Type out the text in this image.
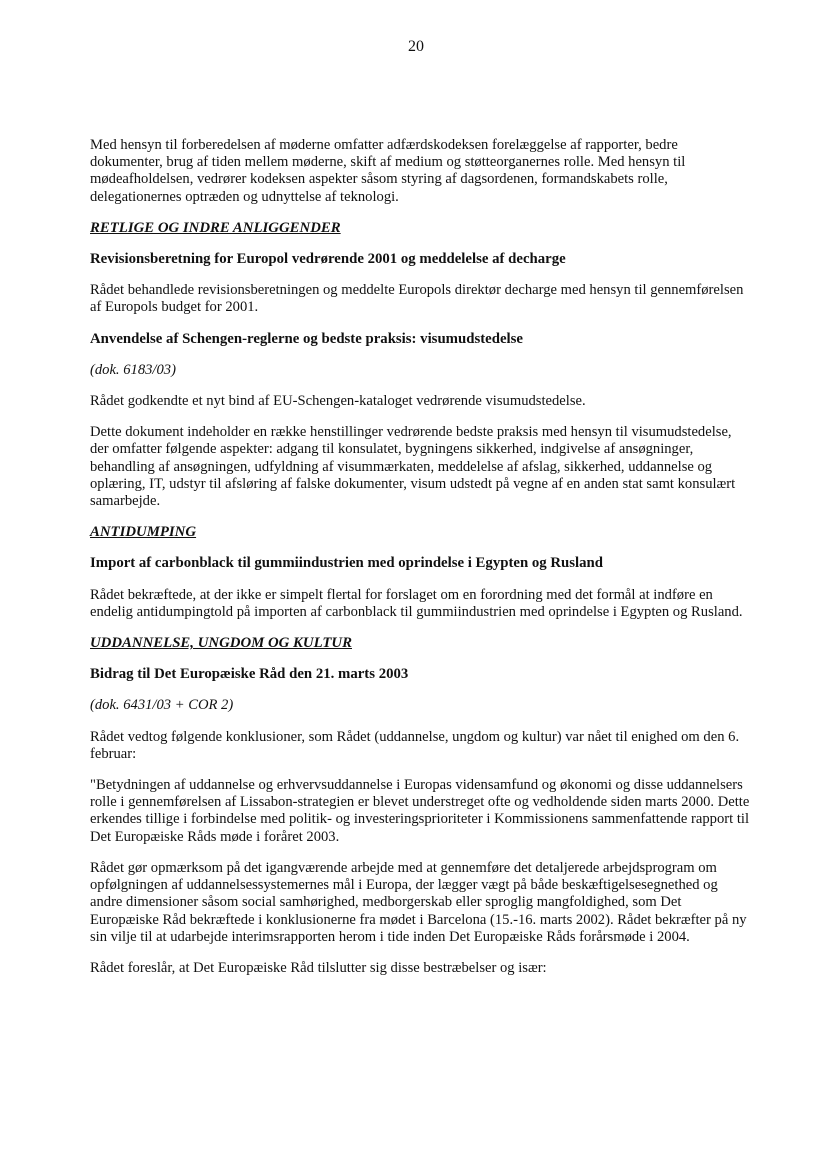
20

Med hensyn til forberedelsen af møderne omfatter adfærdskodeksen forelæggelse af rapporter, bedre dokumenter, brug af tiden mellem møderne, skift af medium og støtteorganernes rolle. Med hensyn til mødeafholdelsen, vedrører kodeksen aspekter såsom styring af dagsordenen, formandskabets rolle, delegationernes optræden og udnyttelse af teknologi.

RETLIGE OG INDRE ANLIGGENDER

Revisionsberetning for Europol vedrørende 2001 og meddelelse af decharge

Rådet behandlede revisionsberetningen og meddelte Europols direktør decharge med hensyn til gennemførelsen af Europols budget for 2001.

Anvendelse af Schengen-reglerne og bedste praksis: visumudstedelse

(dok. 6183/03)

Rådet godkendte et nyt bind af EU-Schengen-kataloget vedrørende visumudstedelse.

Dette dokument indeholder en række henstillinger vedrørende bedste praksis med hensyn til visumudstedelse, der omfatter følgende aspekter: adgang til konsulatet, bygningens sikkerhed, indgivelse af ansøgninger, behandling af ansøgningen, udfyldning af visummærkaten, meddelelse af afslag, sikkerhed, uddannelse og oplæring, IT, udstyr til afsløring af falske dokumenter, visum udstedt på vegne af en anden stat samt konsulært samarbejde.

ANTIDUMPING

Import af carbonblack til gummiindustrien med oprindelse i Egypten og Rusland

Rådet bekræftede, at der ikke er simpelt flertal for forslaget om en forordning med det formål at indføre en endelig antidumpingtold på importen af carbonblack til gummiindustrien med oprindelse i Egypten og Rusland.

UDDANNELSE, UNGDOM OG KULTUR

Bidrag til Det Europæiske Råd den 21. marts 2003

(dok. 6431/03 + COR 2)

Rådet vedtog følgende konklusioner, som Rådet (uddannelse, ungdom og kultur) var nået til enighed om den 6. februar:

"Betydningen af uddannelse og erhvervsuddannelse i Europas vidensamfund og økonomi og disse uddannelsers rolle i gennemførelsen af Lissabon-strategien er blevet understreget ofte og vedholdende siden marts 2000. Dette erkendes tillige i forbindelse med politik- og investeringsprioriteter i Kommissionens sammenfattende rapport til Det Europæiske Råds møde i foråret 2003.

Rådet gør opmærksom på det igangværende arbejde med at gennemføre det detaljerede arbejdsprogram om opfølgningen af uddannelsessystemernes mål i Europa, der lægger vægt på både beskæftigelsesegnethed og andre dimensioner såsom social samhørighed, medborgerskab eller sproglig mangfoldighed, som Det Europæiske Råd bekræftede i konklusionerne fra mødet i Barcelona (15.-16. marts 2002). Rådet bekræfter på ny sin vilje til at udarbejde interimsrapporten herom i tide inden Det Europæiske Råds forårsmøde i 2004.

Rådet foreslår, at Det Europæiske Råd tilslutter sig disse bestræbelser og især:
